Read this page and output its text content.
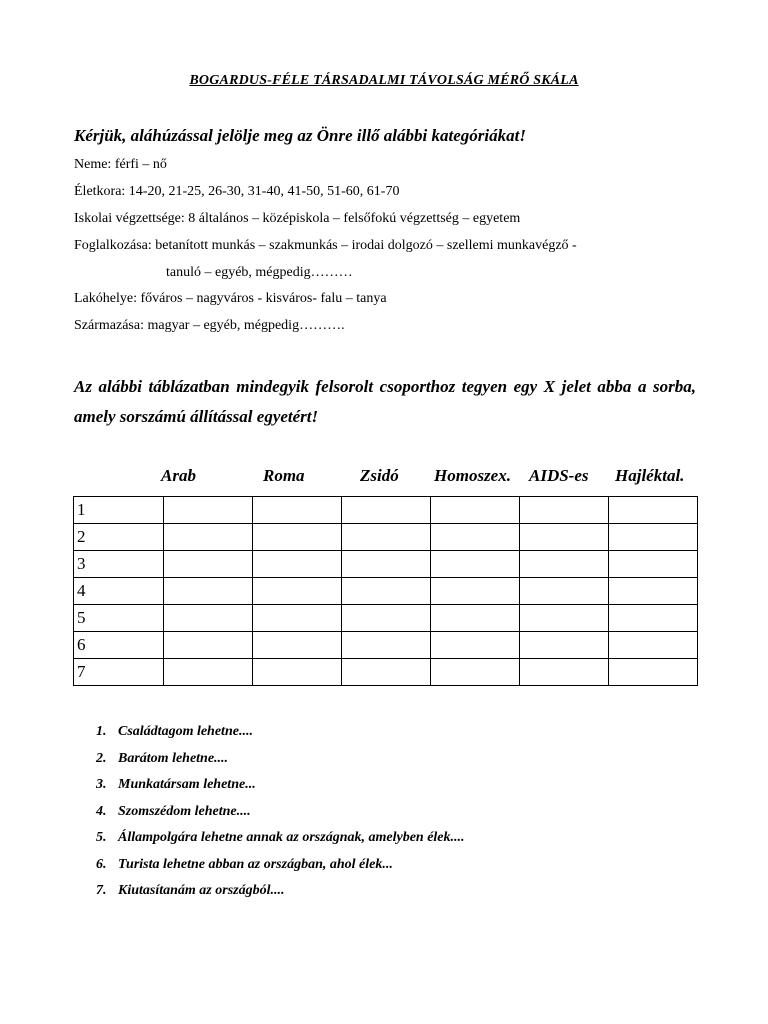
BOGARDUS-FÉLE TÁRSADALMI TÁVOLSÁG MÉRŐ SKÁLA
Kérjük, aláhúzással jelölje meg az Önre illő alábbi kategóriákat!
Neme: férfi – nő
Életkora: 14-20, 21-25, 26-30, 31-40, 41-50, 51-60, 61-70
Iskolai végzettsége: 8 általános – középiskola – felsőfokú végzettség – egyetem
Foglalkozása: betanított munkás – szakmunkás – irodai dolgozó – szellemi munkavégző -
tanuló – egyéb, mégpedig………
Lakóhelye: főváros – nagyváros - kisváros- falu – tanya
Származása: magyar – egyéb, mégpedig……….
Az alábbi táblázatban mindegyik felsorolt csoporthoz tegyen egy X jelet abba a sorba, amely sorszámú állítással egyetért!
Arab	Roma	Zsidó Homoszex. AIDS-es Hajléktal.
1						
2						
3						
4						
5						
6						
7						
1. Családtagom lehetne....
2. Barátom lehetne....
3. Munkatársam lehetne...
4. Szomszédom lehetne....
5. Állampolgára lehetne annak az országnak, amelyben élek....
6. Turista lehetne abban az országban, ahol élek...
7. Kiutasítanám az országból....
